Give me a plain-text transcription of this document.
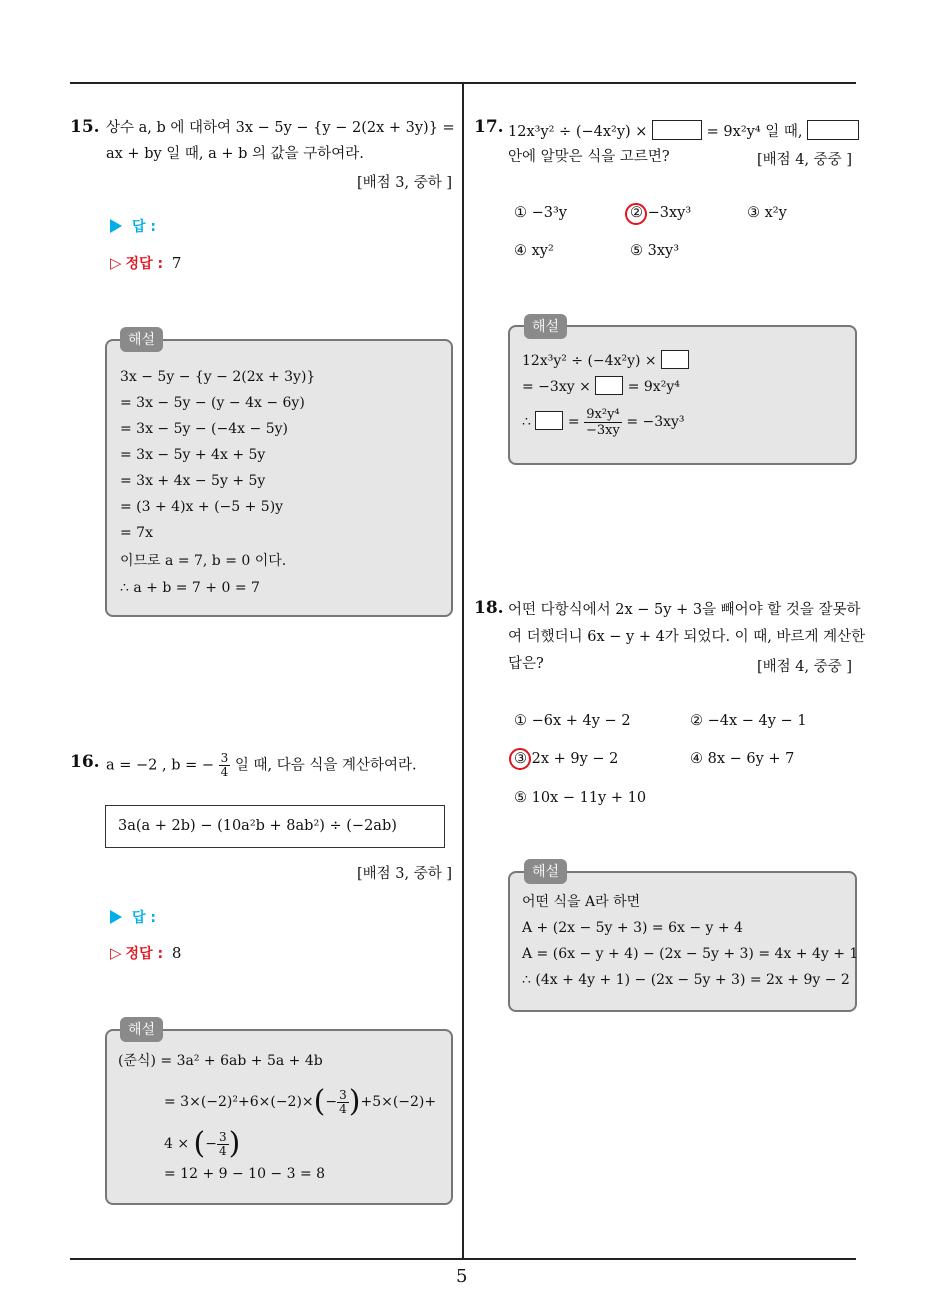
5
15. 상수 a, b 에 대하여 3x − 5y − {y − 2(2x + 3y)} =
ax + by 일 때, a + b 의 값을 구하여라.
[배점 3, 중하 ]
답 :
▷ 정답 : 7
해설
3x − 5y − {y − 2(2x + 3y)}
= 3x − 5y − (y − 4x − 6y)
= 3x − 5y − (−4x − 5y)
= 3x − 5y + 4x + 5y
= 3x + 4x − 5y + 5y
= (3 + 4)x + (−5 + 5)y
= 7x
이므로 a = 7, b = 0 이다.
∴ a + b = 7 + 0 = 7
16. a = −2 , b = − $\frac{3}{4}$ 일 때, 다음 식을 계산하여라.
3a(a + 2b) − (10a²b + 8ab²) ÷ (−2ab)
[배점 3, 중하 ]
답 :
▷ 정답 : 8
해설
(준식) = 3a² + 6ab + 5a + 4b
= $3\times(-2)^2+6\times(-2)\times(- \frac{3}{4} )+5\times(-2)+$
4 × (− $\frac{3}{4}$ )
= 12 + 9 − 10 − 3 = 8
17. 12x³y² ÷ (−4x²y) ×	= 9x²y⁴ 일 때,
안에 알맞은 식을 고르면?	[배점 4, 중중 ]
① −3³y	② −3xy³	③ x²y
④ xy²	⑤ 3xy³
해설
12x³y² ÷ (−4x²y) ×
= −3xy ×	= 9x²y⁴
∴	= $\frac{\text{9x²y⁴}}{-3xy} = -3xy^3$
18. 어떤 다항식에서 2x − 5y + 3을 빼어야 할 것을 잘못하
여 더했더니 6x − y + 4가 되었다. 이 때, 바르게 계산한
답은?	[배점 4, 중중 ]
① −6x + 4y − 2	② −4x − 4y − 1
③ 2x + 9y − 2	④ 8x − 6y + 7
⑤ 10x − 11y + 10
해설
어떤 식을 A라 하면
A + (2x − 5y + 3) = 6x − y + 4
A = (6x − y + 4) − (2x − 5y + 3) = 4x + 4y + 1
∴ (4x + 4y + 1) − (2x − 5y + 3) = 2x + 9y − 2
